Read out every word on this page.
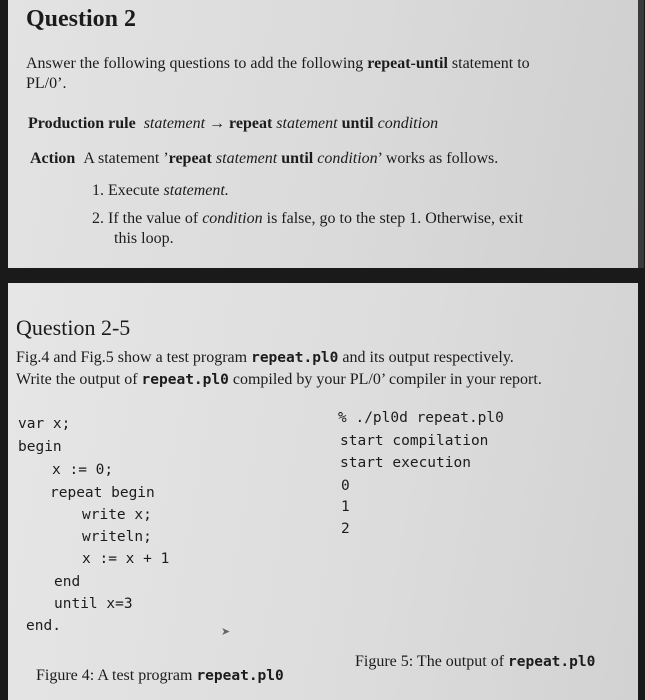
Question 2
Answer the following questions to add the following repeat-until statement to
PL/0’.
Production rule statement → repeat statement until condition
Action A statement ’repeat statement until condition’ works as follows.
1. Execute statement.
2. If the value of condition is false, go to the step 1. Otherwise, exit
this loop.
Question 2-5
Fig.4 and Fig.5 show a test program repeat.pl0 and its output respectively.
Write the output of repeat.pl0 compiled by your PL/0’ compiler in your report.
var x;
begin
x := 0;
repeat begin
write x;
writeln;
x := x + 1
end
until x=3
end.
% ./pl0d repeat.pl0
start compilation
start execution
0
1
2
➤
Figure 4: A test program repeat.pl0
Figure 5: The output of repeat.pl0
